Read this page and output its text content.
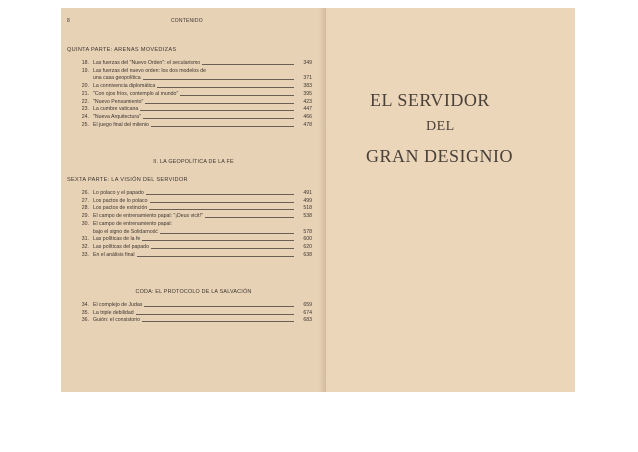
8	CONTENIDO
QUINTA PARTE: ARENAS MOVEDIZAS
18. Las fuerzas del "Nuevo Orden": el secularismo	349
19. Las fuerzas del nuevo orden: los dos modelos de
una casa geopolítica	371
20. La connivencia diplomática	383
21. "Con ojos fríos, contemplo al mundo"	395
22. "Nuevo Pensamiento"	423
23. La cumbre vaticana	447
24. "Nueva Arquitectura"	466
25. El juego final del milenio	478
II. LA GEOPOLÍTICA DE LA FE
SEXTA PARTE: LA VISIÓN DEL SERVIDOR
26. Lo polaco y el papado	491
27. Los pactos de lo polaco	499
28. Los pactos de extinción	518
29. El campo de entrenamiento papal: "¡Deus vicit!"	538
30. El campo de entrenamiento papal:
bajo el signo de Solidarność	578
31. Las políticas de la fe	600
32. Las políticas del papado	620
33. En el análisis final	638
CODA: EL PROTOCOLO DE LA SALVACIÓN
34. El complejo de Judas	659
35. La triple debilidad	674
36. Guión: el consistorio	683
EL SERVIDOR
DEL
GRAN DESIGNIO
